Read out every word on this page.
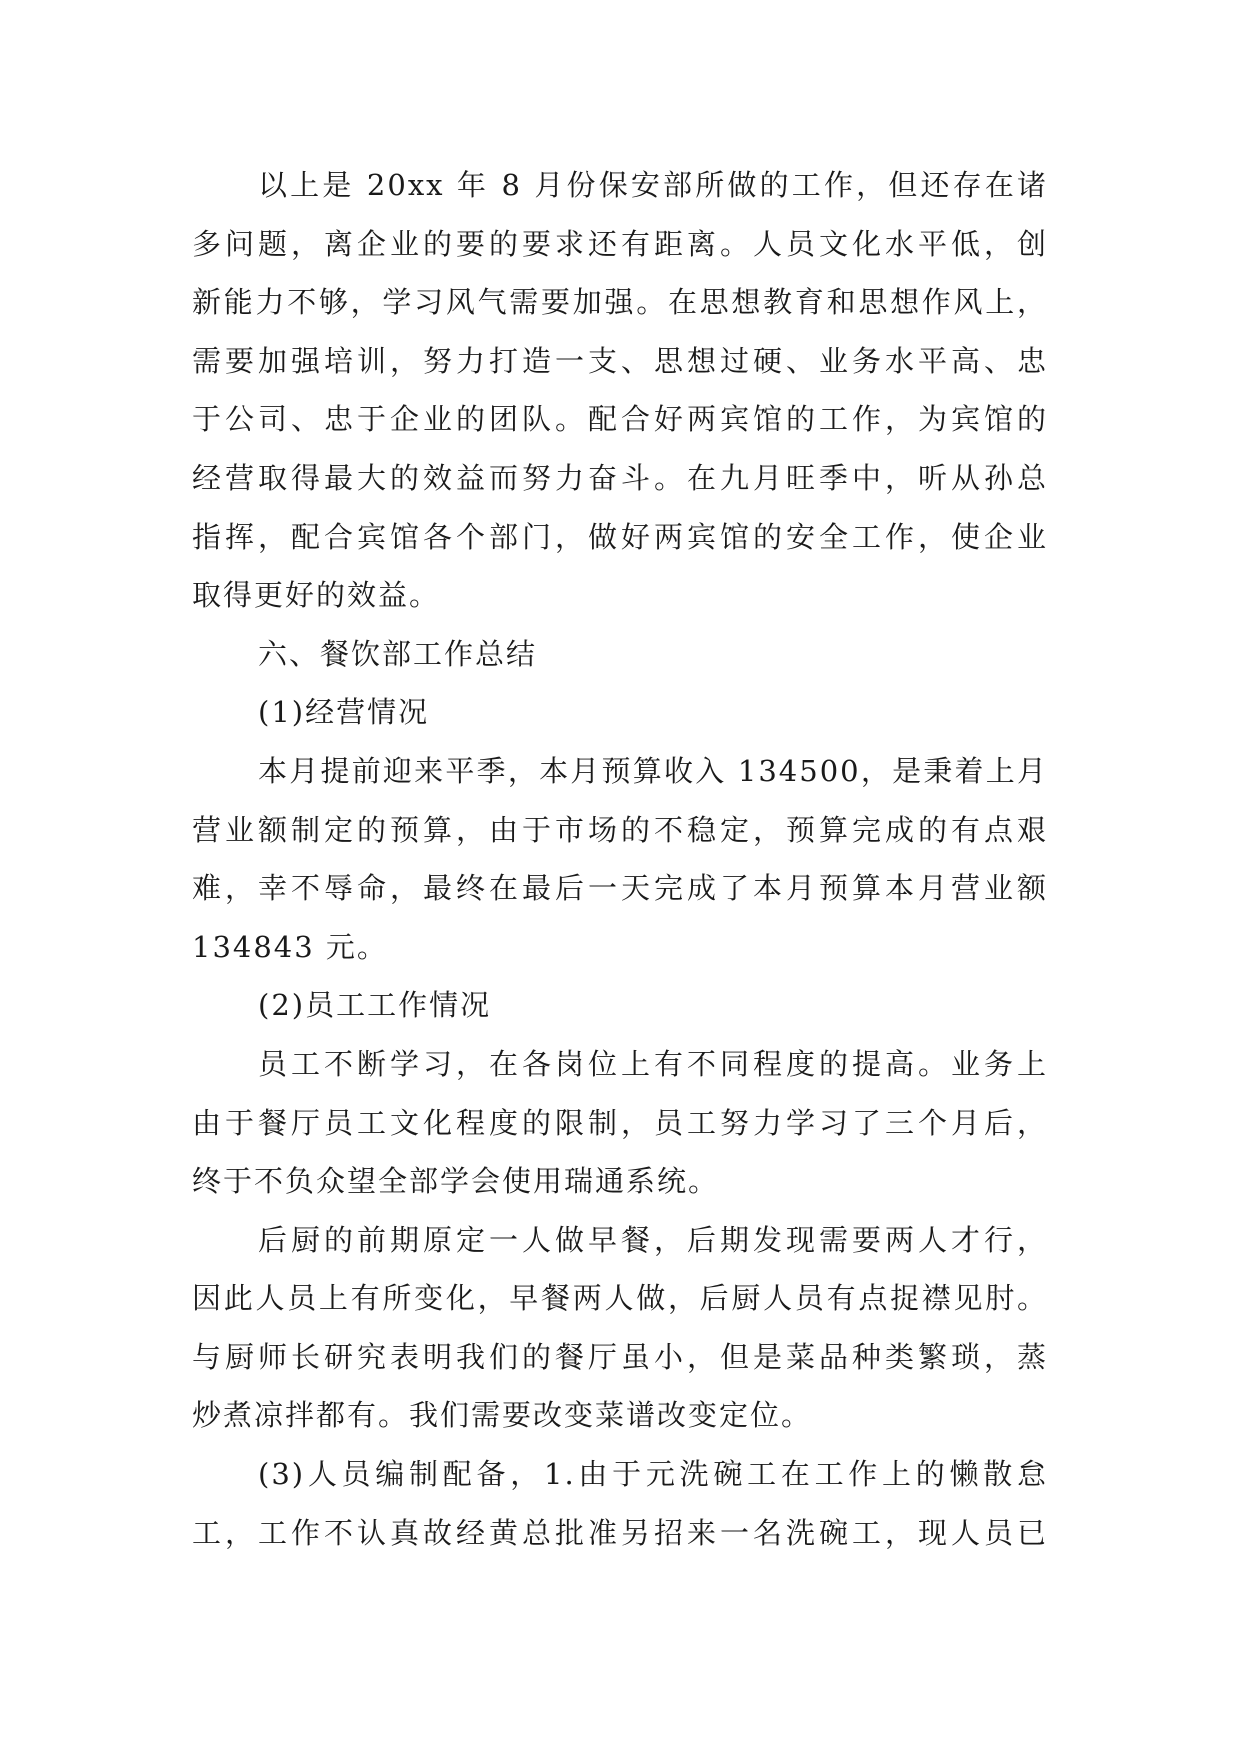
以上是 20xx 年 8 月份保安部所做的工作，但还存在诸
多问题，离企业的要的要求还有距离。人员文化水平低，创
新能力不够，学习风气需要加强。在思想教育和思想作风上，
需要加强培训，努力打造一支、思想过硬、业务水平高、忠
于公司、忠于企业的团队。配合好两宾馆的工作，为宾馆的
经营取得最大的效益而努力奋斗。在九月旺季中，听从孙总
指挥，配合宾馆各个部门，做好两宾馆的安全工作，使企业
取得更好的效益。
六、餐饮部工作总结
(1)经营情况
本月提前迎来平季，本月预算收入 134500，是秉着上月
营业额制定的预算，由于市场的不稳定，预算完成的有点艰
难，幸不辱命，最终在最后一天完成了本月预算本月营业额
134843 元。
(2)员工工作情况
员工不断学习，在各岗位上有不同程度的提高。业务上
由于餐厅员工文化程度的限制，员工努力学习了三个月后，
终于不负众望全部学会使用瑞通系统。
后厨的前期原定一人做早餐，后期发现需要两人才行，
因此人员上有所变化，早餐两人做，后厨人员有点捉襟见肘。
与厨师长研究表明我们的餐厅虽小，但是菜品种类繁琐，蒸
炒煮凉拌都有。我们需要改变菜谱改变定位。
(3)人员编制配备，1.由于元洗碗工在工作上的懒散怠
工，工作不认真故经黄总批准另招来一名洗碗工，现人员已
